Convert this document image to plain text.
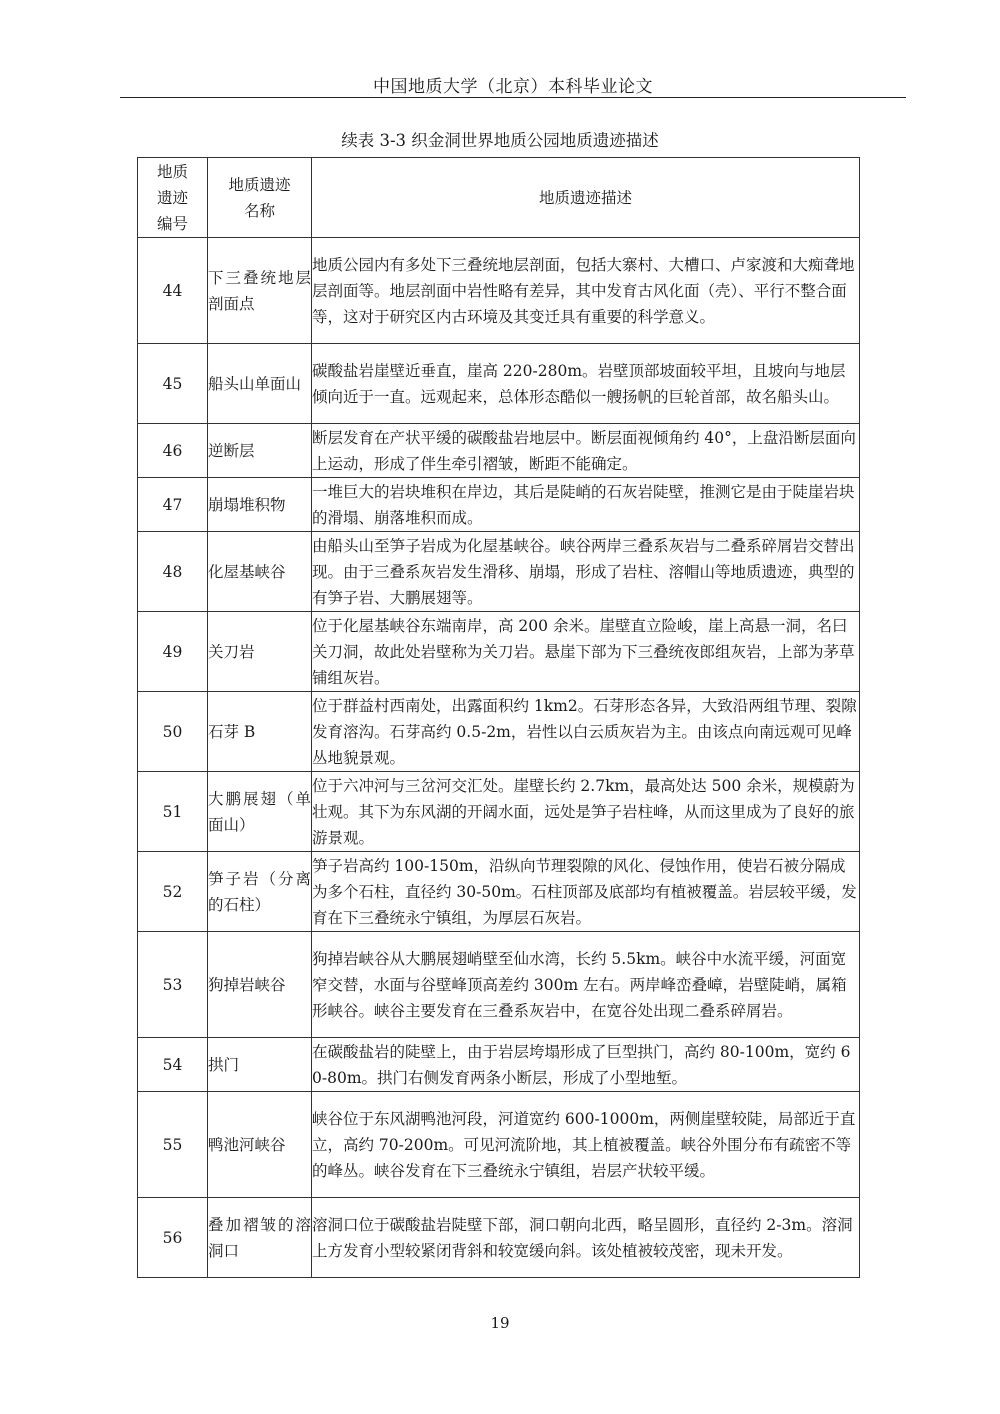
中国地质大学（北京）本科毕业论文
续表 3-3 织金洞世界地质公园地质遗迹描述
地质遗迹编号	地质遗迹名称	地质遗迹描述
44	下三叠统地层剖面点	地质公园内有多处下三叠统地层剖面，包括大寨村、大槽口、卢家渡和大痴聋地层剖面等。地层剖面中岩性略有差异，其中发育古风化面（壳）、平行不整合面等，这对于研究区内古环境及其变迁具有重要的科学意义。
45	船头山单面山	碳酸盐岩崖壁近垂直，崖高 220-280m。岩壁顶部坡面较平坦，且坡向与地层倾向近于一直。远观起来，总体形态酷似一艘扬帆的巨轮首部，故名船头山。
46	逆断层	断层发育在产状平缓的碳酸盐岩地层中。断层面视倾角约 40°，上盘沿断层面向上运动，形成了伴生牵引褶皱，断距不能确定。
47	崩塌堆积物	一堆巨大的岩块堆积在岸边，其后是陡峭的石灰岩陡壁，推测它是由于陡崖岩块的滑塌、崩落堆积而成。
48	化屋基峡谷	由船头山至笋子岩成为化屋基峡谷。峡谷两岸三叠系灰岩与二叠系碎屑岩交替出现。由于三叠系灰岩发生滑移、崩塌，形成了岩柱、溶帽山等地质遗迹，典型的有笋子岩、大鹏展翅等。
49	关刀岩	位于化屋基峡谷东端南岸，高 200 余米。崖壁直立险峻，崖上高悬一洞，名曰关刀洞，故此处岩壁称为关刀岩。悬崖下部为下三叠统夜郎组灰岩，上部为茅草铺组灰岩。
50	石芽 B	位于群益村西南处，出露面积约 1km2。石芽形态各异，大致沿两组节理、裂隙发育溶沟。石芽高约 0.5-2m，岩性以白云质灰岩为主。由该点向南远观可见峰丛地貌景观。
51	大鹏展翅（单面山）	位于六冲河与三岔河交汇处。崖壁长约 2.7km，最高处达 500 余米，规模蔚为壮观。其下为东风湖的开阔水面，远处是笋子岩柱峰，从而这里成为了良好的旅游景观。
52	笋子岩（分离的石柱）	笋子岩高约 100-150m，沿纵向节理裂隙的风化、侵蚀作用，使岩石被分隔成为多个石柱，直径约 30-50m。石柱顶部及底部均有植被覆盖。岩层较平缓，发育在下三叠统永宁镇组，为厚层石灰岩。
53	狗掉岩峡谷	狗掉岩峡谷从大鹏展翅峭壁至仙水湾，长约 5.5km。峡谷中水流平缓，河面宽窄交替，水面与谷壁峰顶高差约 300m 左右。两岸峰峦叠嶂，岩壁陡峭，属箱形峡谷。峡谷主要发育在三叠系灰岩中，在宽谷处出现二叠系碎屑岩。
54	拱门	在碳酸盐岩的陡壁上，由于岩层垮塌形成了巨型拱门，高约 80-100m，宽约 60-80m。拱门右侧发育两条小断层，形成了小型地堑。
55	鸭池河峡谷	峡谷位于东风湖鸭池河段，河道宽约 600-1000m，两侧崖壁较陡，局部近于直立，高约 70-200m。可见河流阶地，其上植被覆盖。峡谷外围分布有疏密不等的峰丛。峡谷发育在下三叠统永宁镇组，岩层产状较平缓。
56	叠加褶皱的溶洞口	溶洞口位于碳酸盐岩陡壁下部，洞口朝向北西，略呈圆形，直径约 2-3m。溶洞上方发育小型较紧闭背斜和较宽缓向斜。该处植被较茂密，现未开发。
19
